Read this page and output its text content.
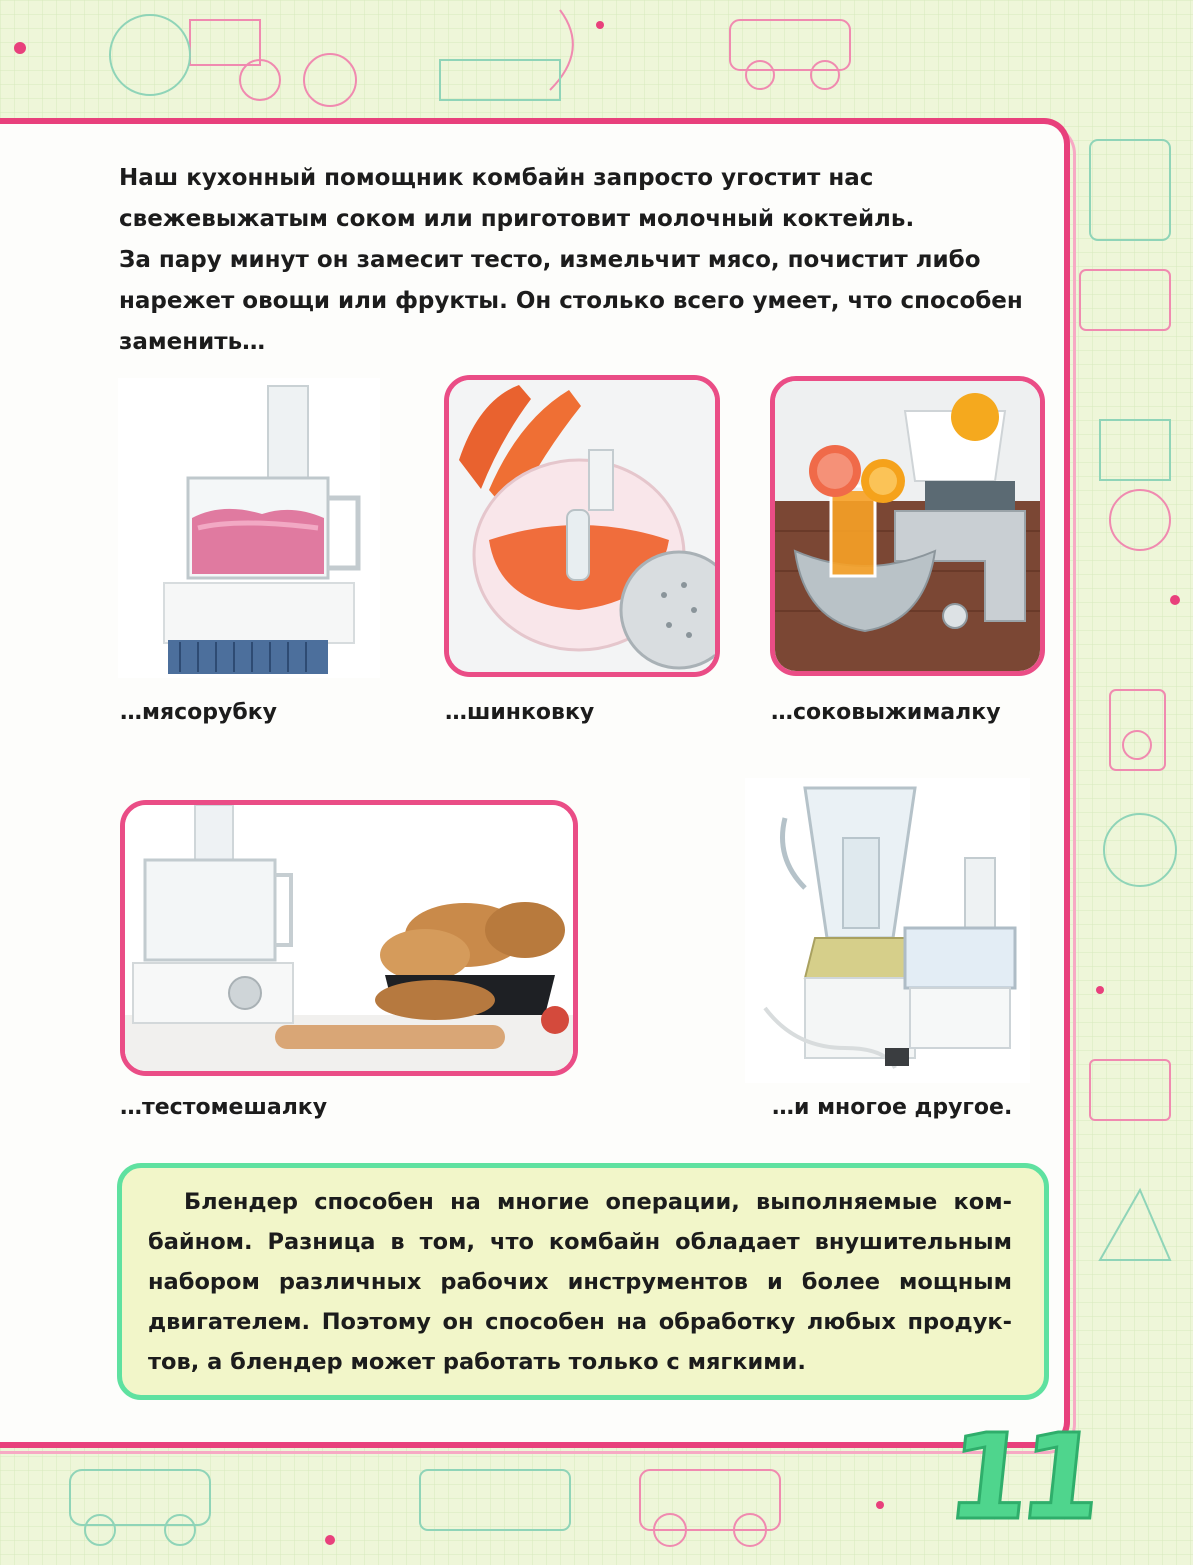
Наш кухонный помощник комбайн запросто угостит нас
свежевыжатым соком или приготовит молочный коктейль.
За пару минут он замесит тесто, измельчит мясо, почистит либо
нарежет овощи или фрукты. Он столько всего умеет, что способен
заменить…

…мясорубку	…шинковку	…соковыжималку

…тестомешалку	…и многое другое.

Блендер способен на многие операции, выполняемые ком-
байном. Разница в том, что комбайн обладает внушительным
набором различных рабочих инструментов и более мощным
двигателем. Поэтому он способен на обработку любых продук-
тов, а блендер может работать только с мягкими.

11
